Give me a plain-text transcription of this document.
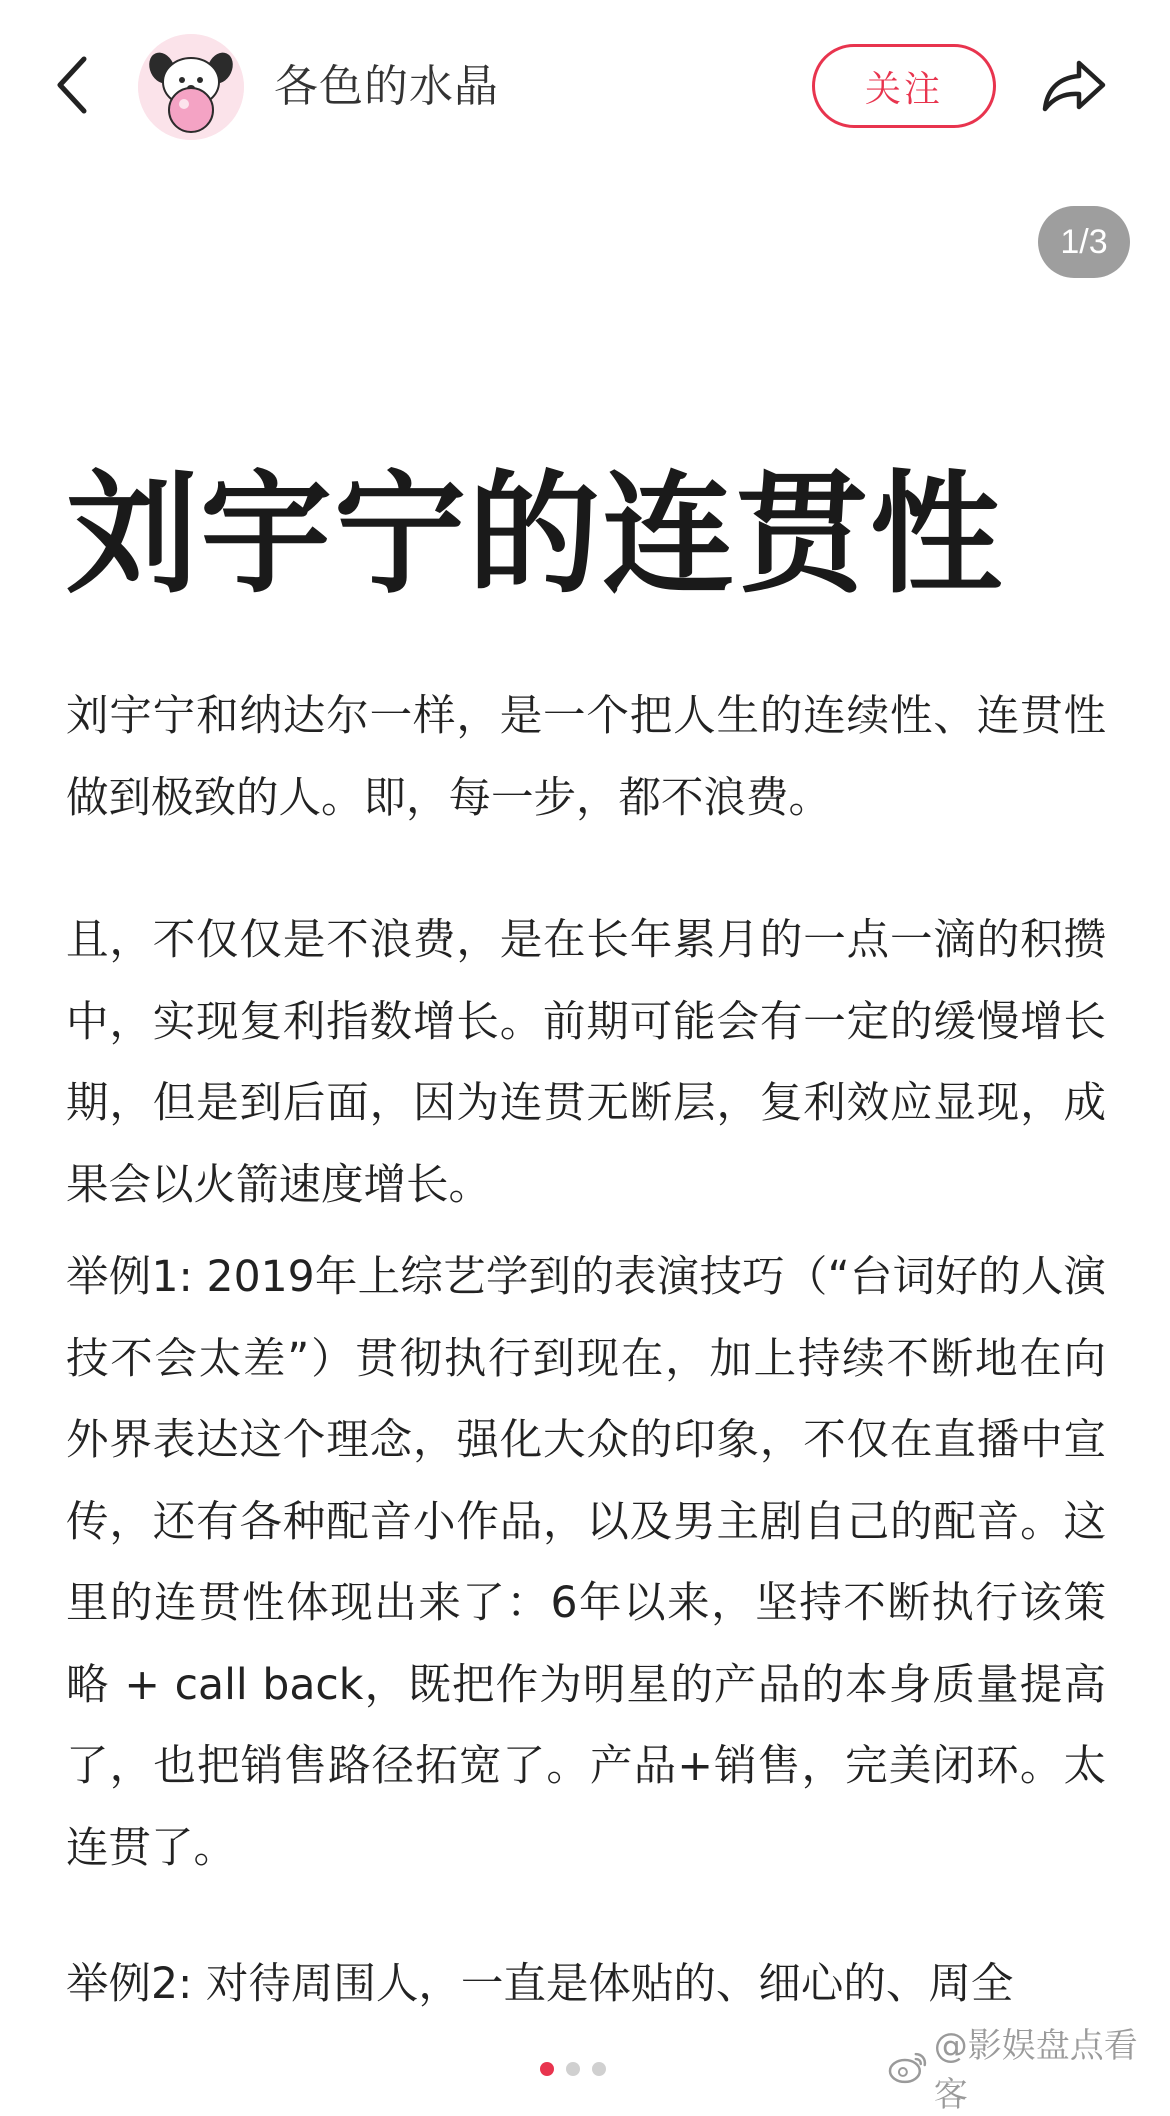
各色的水晶	关注
1/3
刘宇宁的连贯性

刘宇宁和纳达尔一样，是一个把人生的连续性、连贯性做到极致的人。即，每一步，都不浪费。

且，不仅仅是不浪费，是在长年累月的一点一滴的积攒中，实现复利指数增长。前期可能会有一定的缓慢增长期，但是到后面，因为连贯无断层，复利效应显现，成果会以火箭速度增长。

举例1: 2019年上综艺学到的表演技巧（“台词好的人演技不会太差”）贯彻执行到现在，加上持续不断地在向外界表达这个理念，强化大众的印象，不仅在直播中宣传，还有各种配音小作品，以及男主剧自己的配音。这里的连贯性体现出来了：6年以来，坚持不断执行该策略 + call back，既把作为明星的产品的本身质量提高了，也把销售路径拓宽了。产品+销售，完美闭环。太连贯了。

举例2: 对待周围人，一直是体贴的、细心的、周全

@影娱盘点看客
